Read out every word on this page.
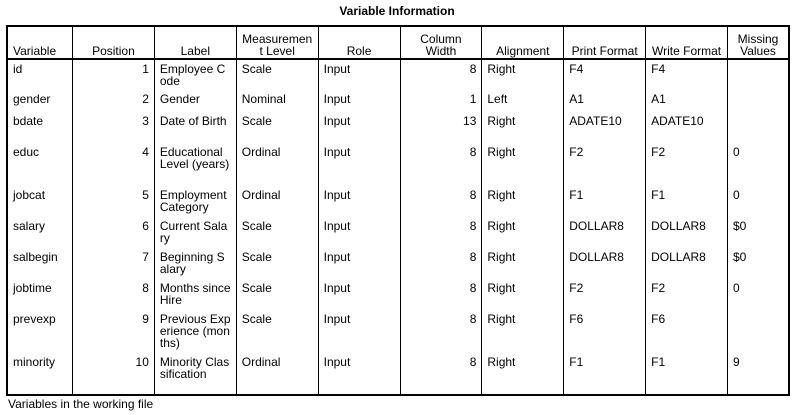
Variable Information
Variable	Position	Label	Measurement Level	Role	Column Width	Alignment	Print Format	Write Format	Missing Values
id	1	Employee Code	Scale	Input	8	Right	F4	F4	
gender	2	Gender	Nominal	Input	1	Left	A1	A1	
bdate	3	Date of Birth	Scale	Input	13	Right	ADATE10	ADATE10	
educ	4	Educational Level (years)	Ordinal	Input	8	Right	F2	F2	0
jobcat	5	Employment Category	Ordinal	Input	8	Right	F1	F1	0
salary	6	Current Salary	Scale	Input	8	Right	DOLLAR8	DOLLAR8	$0
salbegin	7	Beginning Salary	Scale	Input	8	Right	DOLLAR8	DOLLAR8	$0
jobtime	8	Months since Hire	Scale	Input	8	Right	F2	F2	0
prevexp	9	Previous Experience (months)	Scale	Input	8	Right	F6	F6	
minority	10	Minority Classification	Ordinal	Input	8	Right	F1	F1	9
Variables in the working file
